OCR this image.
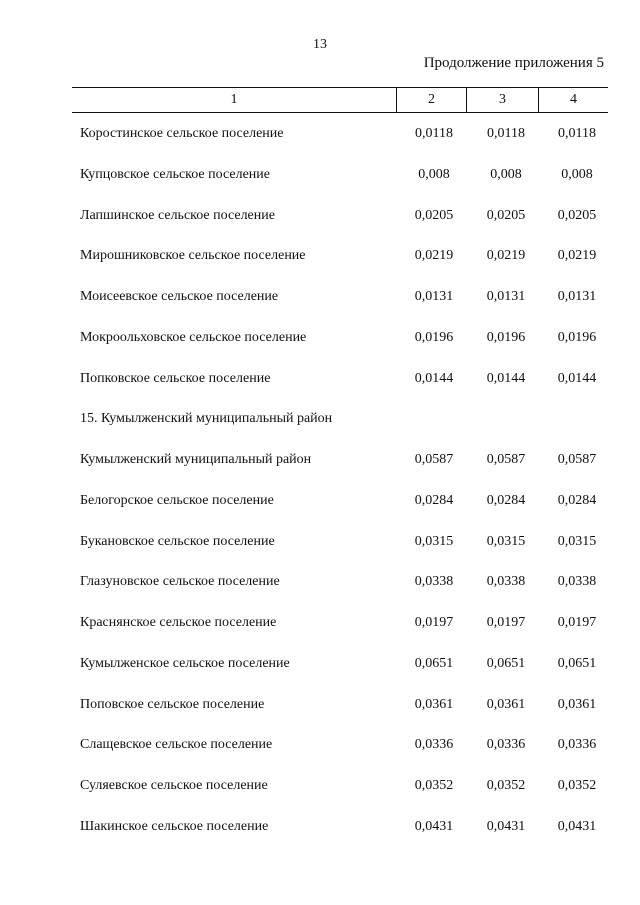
13
Продолжение приложения 5
1	2	3	4
Коростинское сельское поселение	0,0118	0,0118	0,0118
Купцовское сельское поселение	0,008	0,008	0,008
Лапшинское сельское поселение	0,0205	0,0205	0,0205
Мирошниковское сельское поселение	0,0219	0,0219	0,0219
Моисеевское сельское поселение	0,0131	0,0131	0,0131
Мокроольховское сельское поселение	0,0196	0,0196	0,0196
Попковское сельское поселение	0,0144	0,0144	0,0144
15. Кумылженский муниципальный район
Кумылженский муниципальный район	0,0587	0,0587	0,0587
Белогорское сельское поселение	0,0284	0,0284	0,0284
Букановское сельское поселение	0,0315	0,0315	0,0315
Глазуновское сельское поселение	0,0338	0,0338	0,0338
Краснянское сельское поселение	0,0197	0,0197	0,0197
Кумылженское сельское поселение	0,0651	0,0651	0,0651
Поповское сельское поселение	0,0361	0,0361	0,0361
Слащевское сельское поселение	0,0336	0,0336	0,0336
Суляевское сельское поселение	0,0352	0,0352	0,0352
Шакинское сельское поселение	0,0431	0,0431	0,0431
